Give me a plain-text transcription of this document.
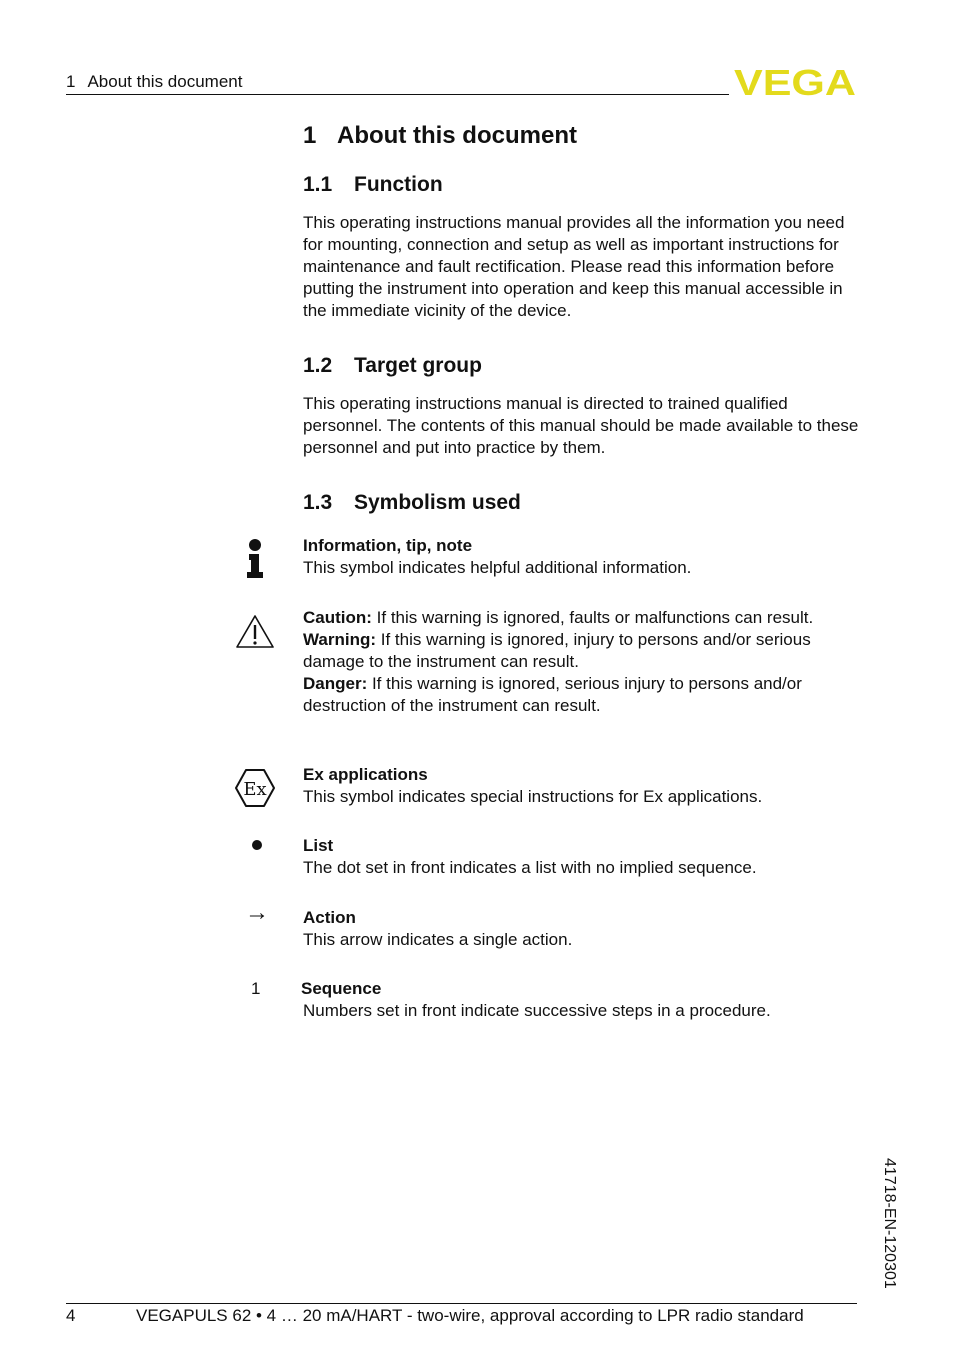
1 About this document	VEGA
1 About this document
1.1 Function
This operating instructions manual provides all the information you need for mounting, connection and setup as well as important instructions for maintenance and fault rectification. Please read this information before putting the instrument into operation and keep this manual accessible in the immediate vicinity of the device.
1.2 Target group
This operating instructions manual is directed to trained qualified personnel. The contents of this manual should be made available to these personnel and put into practice by them.
1.3 Symbolism used
Information, tip, note
This symbol indicates helpful additional information.
Caution: If this warning is ignored, faults or malfunctions can result.
Warning: If this warning is ignored, injury to persons and/or serious damage to the instrument can result.
Danger: If this warning is ignored, serious injury to persons and/or destruction of the instrument can result.
Ex
Ex applications
This symbol indicates special instructions for Ex applications.
List
The dot set in front indicates a list with no implied sequence.
→ Action
This arrow indicates a single action.
1 Sequence
Numbers set in front indicate successive steps in a procedure.
41718-EN-120301
4	VEGAPULS 62 • 4 … 20 mA/HART - two-wire, approval according to LPR radio standard
